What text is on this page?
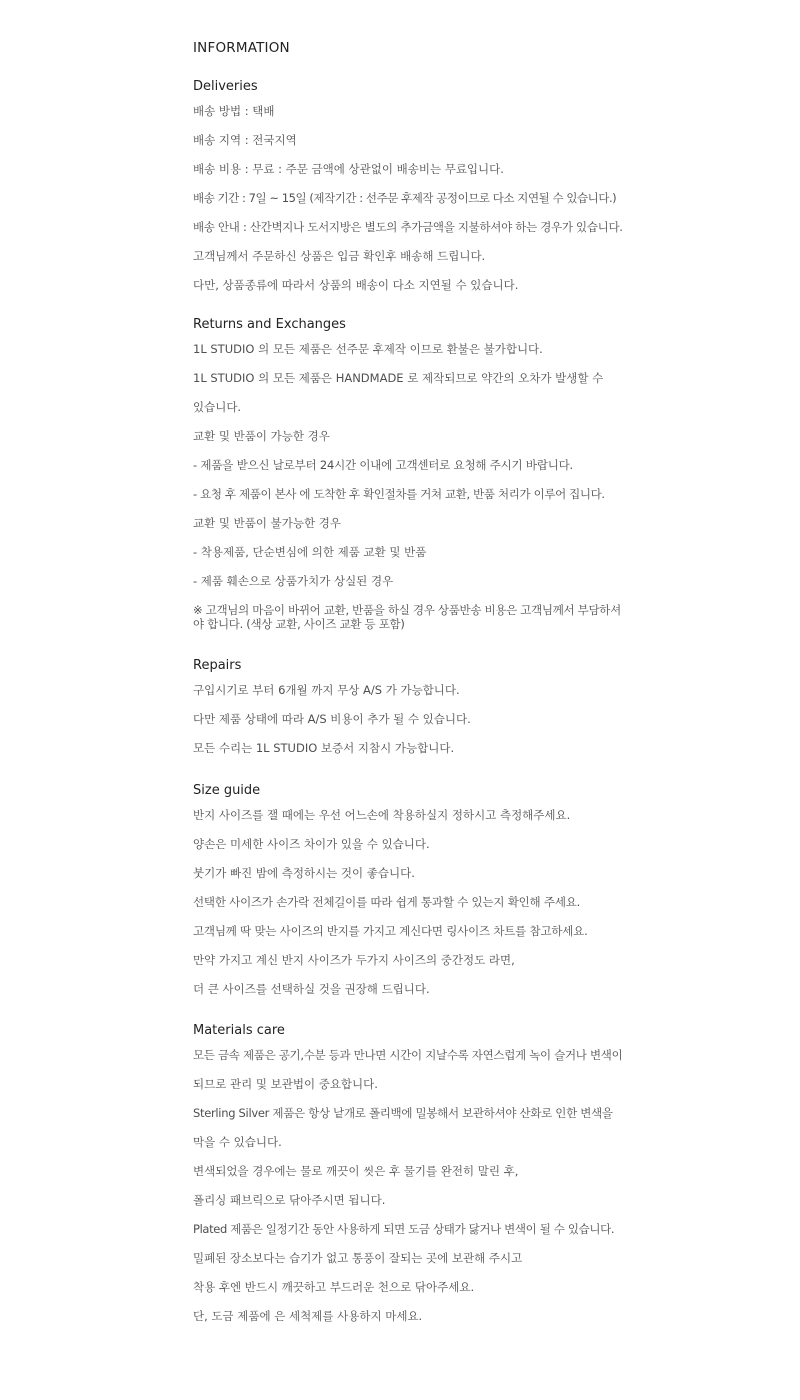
INFORMATION
Deliveries
배송 방법 : 택배
배송 지역 : 전국지역
배송 비용 : 무료 : 주문 금액에 상관없이 배송비는 무료입니다.
배송 기간 : 7일 ~ 15일 (제작기간 : 선주문 후제작 공정이므로 다소 지연될 수 있습니다.)
배송 안내 : 산간벽지나 도서지방은 별도의 추가금액을 지불하셔야 하는 경우가 있습니다.
고객님께서 주문하신 상품은 입금 확인후 배송해 드립니다.
다만, 상품종류에 따라서 상품의 배송이 다소 지연될 수 있습니다.
Returns and Exchanges
1L STUDIO 의 모든 제품은 선주문 후제작 이므로 환불은 불가합니다.
1L STUDIO 의 모든 제품은 HANDMADE 로 제작되므로 약간의 오차가 발생할 수
있습니다.
교환 및 반품이 가능한 경우
- 제품을 받으신 날로부터 24시간 이내에 고객센터로 요청해 주시기 바랍니다.
- 요청 후 제품이 본사 에 도착한 후 확인절차를 거쳐 교환, 반품 처리가 이루어 집니다.
교환 및 반품이 불가능한 경우
- 착용제품, 단순변심에 의한 제품 교환 및 반품
- 제품 훼손으로 상품가치가 상실된 경우
※ 고객님의 마음이 바뀌어 교환, 반품을 하실 경우 상품반송 비용은 고객님께서 부담하셔야 합니다. (색상 교환, 사이즈 교환 등 포함)
Repairs
구입시기로 부터 6개월 까지 무상 A/S 가 가능합니다.
다만 제품 상태에 따라 A/S 비용이 추가 될 수 있습니다.
모든 수리는 1L STUDIO 보증서 지참시 가능합니다.
Size guide
반지 사이즈를 잴 때에는 우선 어느손에 착용하실지 정하시고 측정해주세요.
양손은 미세한 사이즈 차이가 있을 수 있습니다.
붓기가 빠진 밤에 측정하시는 것이 좋습니다.
선택한 사이즈가 손가락 전체길이를 따라 쉽게 통과할 수 있는지 확인해 주세요.
고객님께 딱 맞는 사이즈의 반지를 가지고 계신다면 링사이즈 차트를 참고하세요.
만약 가지고 계신 반지 사이즈가 두가지 사이즈의 중간정도 라면,
더 큰 사이즈를 선택하실 것을 권장해 드립니다.
Materials care
모든 금속 제품은 공기,수분 등과 만나면 시간이 지날수록 자연스럽게 녹이 슬거나 변색이
되므로 관리 및 보관법이 중요합니다.
Sterling Silver 제품은 항상 낱개로 폴리백에 밀봉해서 보관하셔야 산화로 인한 변색을
막을 수 있습니다.
변색되었을 경우에는 물로 깨끗이 씻은 후 물기를 완전히 말린 후,
폴리싱 패브릭으로 닦아주시면 됩니다.
Plated 제품은 일정기간 동안 사용하게 되면 도금 상태가 닳거나 변색이 될 수 있습니다.
밀폐된 장소보다는 습기가 없고 통풍이 잘되는 곳에 보관해 주시고
착용 후엔 반드시 깨끗하고 부드러운 천으로 닦아주세요.
단, 도금 제품에 은 세척제를 사용하지 마세요.
